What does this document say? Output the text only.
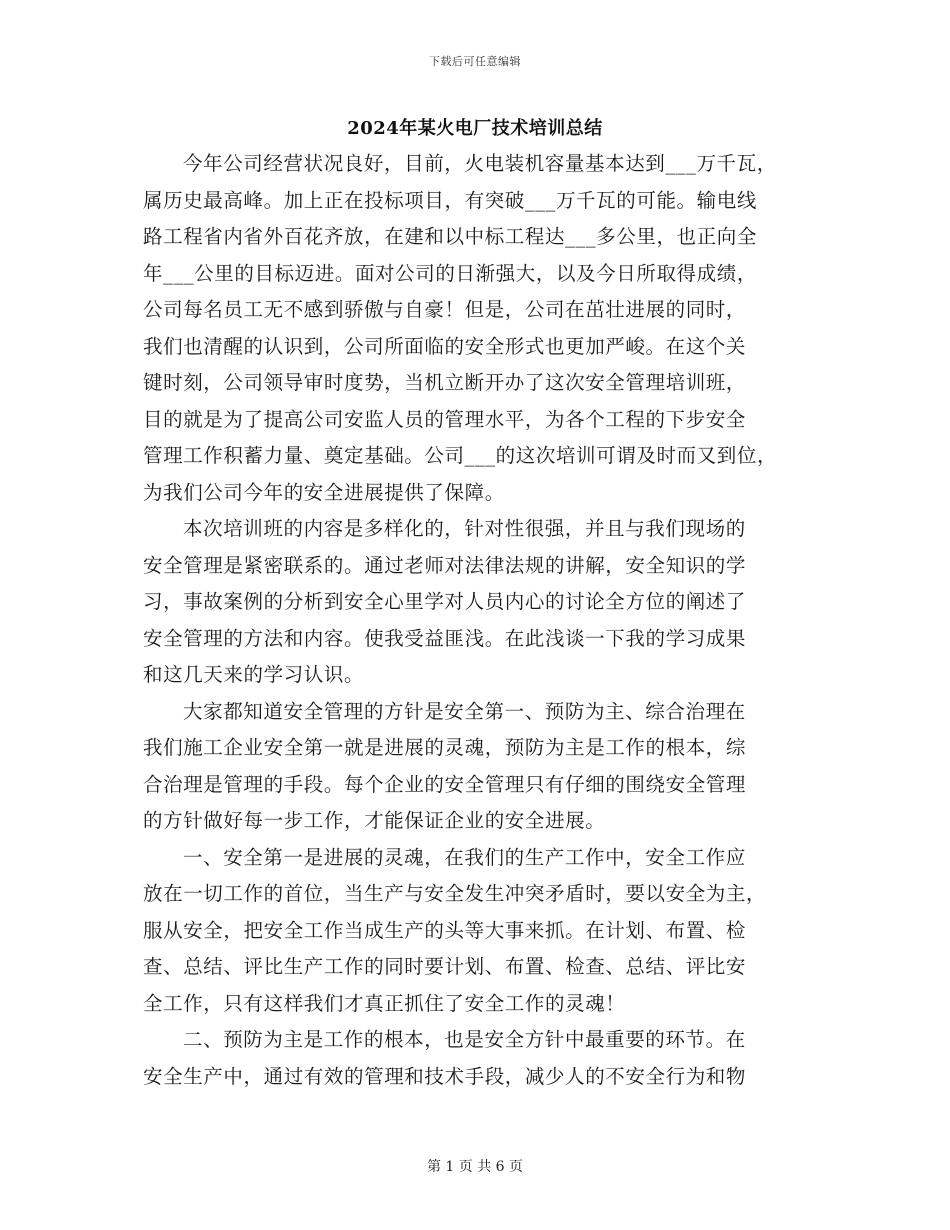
下载后可任意编辑
2024年某火电厂技术培训总结
今年公司经营状况良好，目前，火电装机容量基本达到___万千瓦，
属历史最高峰。加上正在投标项目，有突破___万千瓦的可能。输电线
路工程省内省外百花齐放，在建和以中标工程达___多公里，也正向全
年___公里的目标迈进。面对公司的日渐强大，以及今日所取得成绩，
公司每名员工无不感到骄傲与自豪！但是，公司在茁壮进展的同时，
我们也清醒的认识到，公司所面临的安全形式也更加严峻。在这个关
键时刻，公司领导审时度势，当机立断开办了这次安全管理培训班，
目的就是为了提高公司安监人员的管理水平，为各个工程的下步安全
管理工作积蓄力量、奠定基础。公司___的这次培训可谓及时而又到位，
为我们公司今年的安全进展提供了保障。
本次培训班的内容是多样化的，针对性很强，并且与我们现场的
安全管理是紧密联系的。通过老师对法律法规的讲解，安全知识的学
习，事故案例的分析到安全心里学对人员内心的讨论全方位的阐述了
安全管理的方法和内容。使我受益匪浅。在此浅谈一下我的学习成果
和这几天来的学习认识。
大家都知道安全管理的方针是安全第一、预防为主、综合治理在
我们施工企业安全第一就是进展的灵魂，预防为主是工作的根本，综
合治理是管理的手段。每个企业的安全管理只有仔细的围绕安全管理
的方针做好每一步工作，才能保证企业的安全进展。
一、安全第一是进展的灵魂，在我们的生产工作中，安全工作应
放在一切工作的首位，当生产与安全发生冲突矛盾时，要以安全为主，
服从安全，把安全工作当成生产的头等大事来抓。在计划、布置、检
查、总结、评比生产工作的同时要计划、布置、检查、总结、评比安
全工作，只有这样我们才真正抓住了安全工作的灵魂！
二、预防为主是工作的根本，也是安全方针中最重要的环节。在
安全生产中，通过有效的管理和技术手段，减少人的不安全行为和物
第 1 页 共 6 页
